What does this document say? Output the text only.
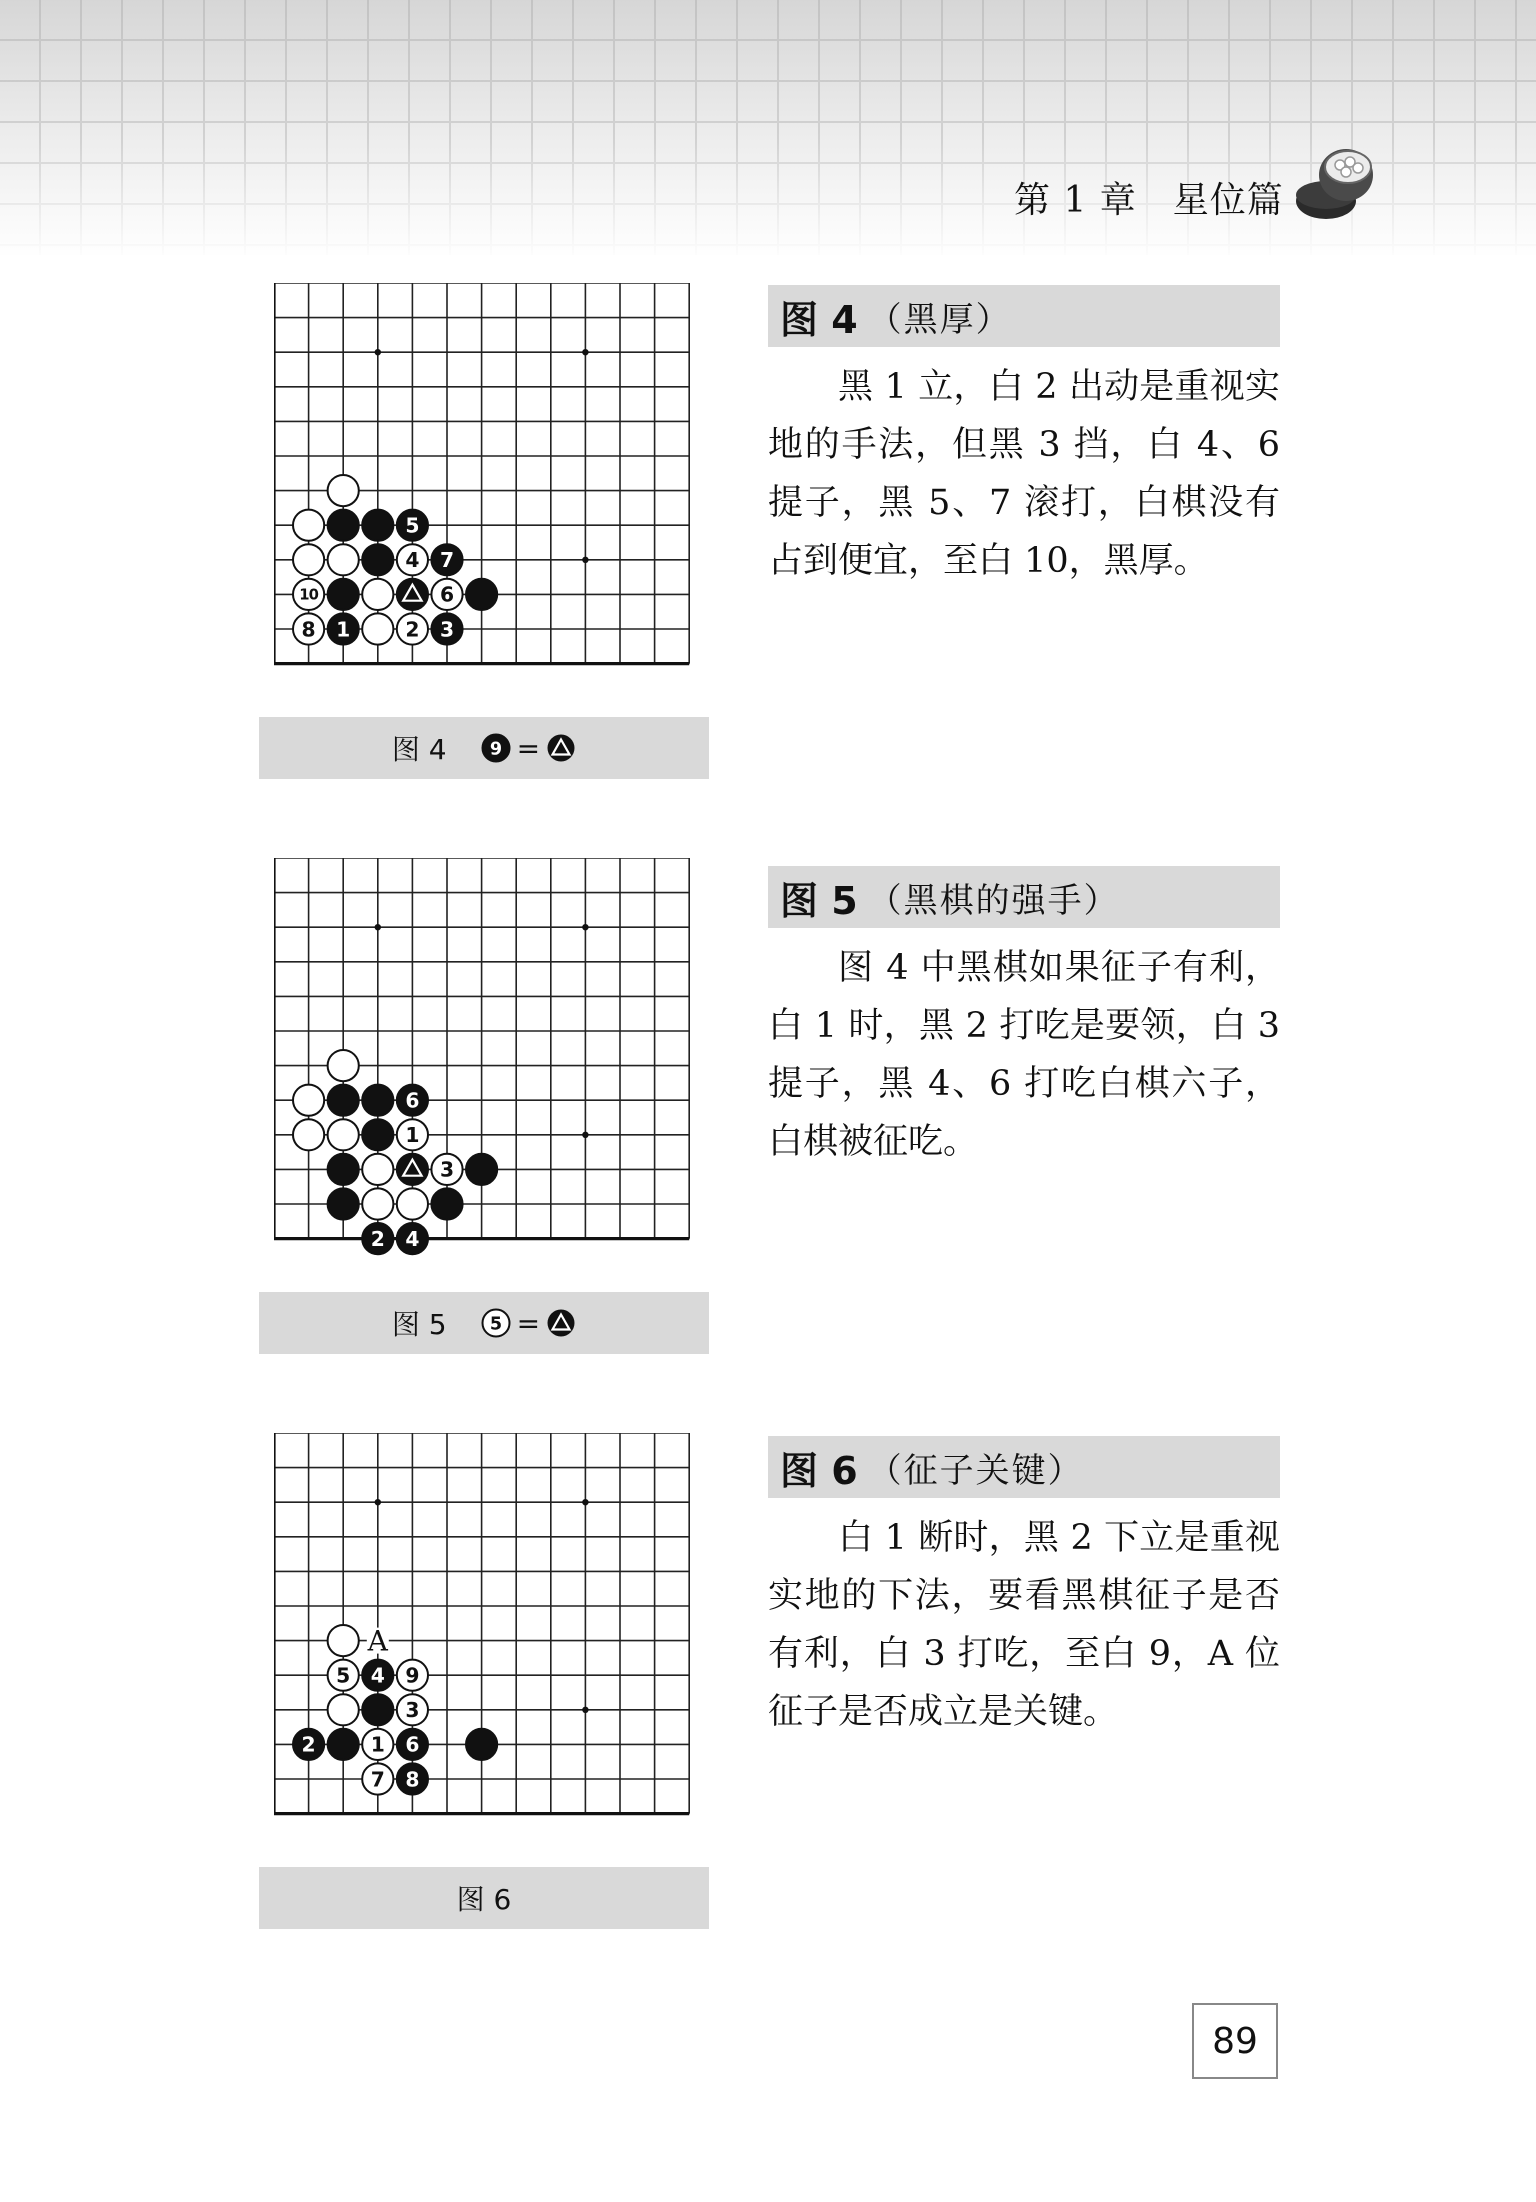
第 1 章 星位篇
5
4 7
10	6
8 1	2 3
图 4 9 =
6
1
3
2 4
图 5 5 =
A
5 4 9
3
2	1 6
7 8
图 6
图 4 （黑厚）
黑 1 立，白 2 出动是重视实地的手法，但黑 3 挡，白 4、6 提子，黑 5、7 滚打，白棋没有占到便宜，至白 10，黑厚。
图 5 （黑棋的强手）
图 4 中黑棋如果征子有利，白 1 时，黑 2 打吃是要领，白 3 提子，黑 4、6 打吃白棋六子，白棋被征吃。
图 6 （征子关键）
白 1 断时，黑 2 下立是重视实地的下法，要看黑棋征子是否有利，白 3 打吃，至白 9，A 位征子是否成立是关键。
89
